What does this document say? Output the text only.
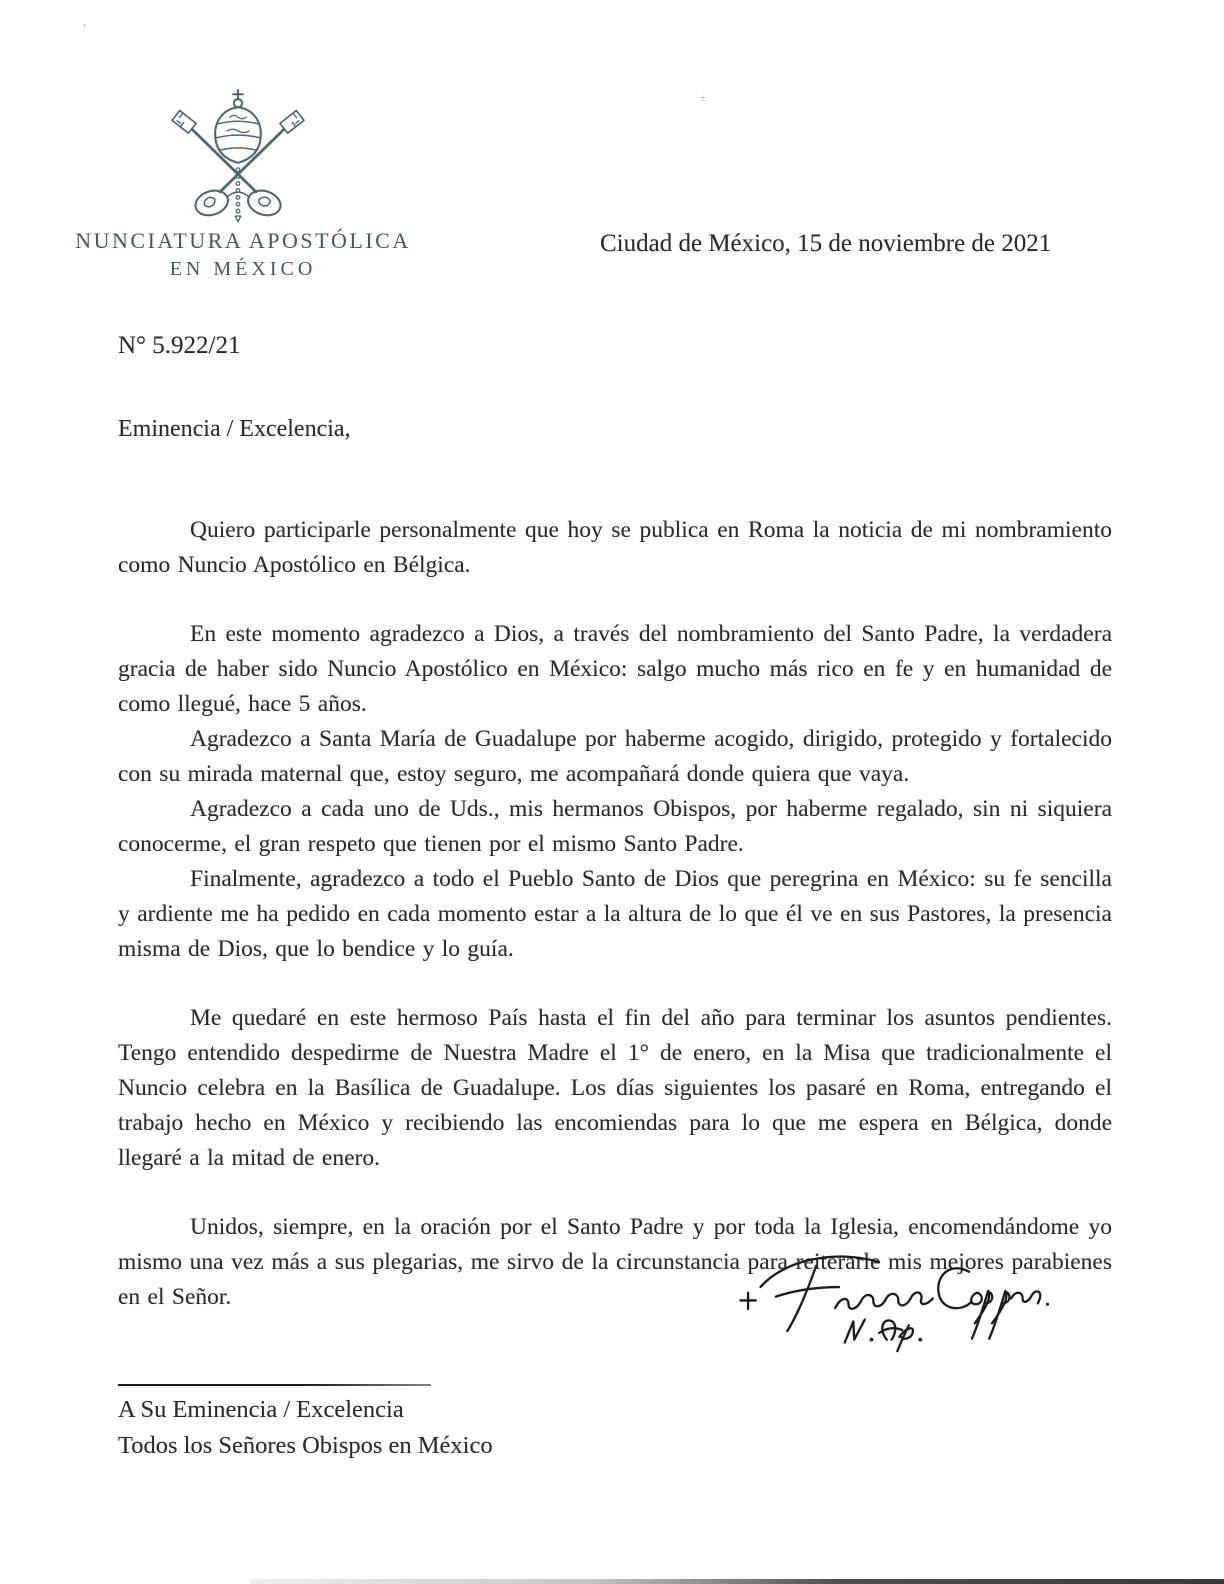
NUNCIATURA APOSTÓLICA
EN MÉXICO
Ciudad de México, 15 de noviembre de 2021
N° 5.922/21
Eminencia / Excelencia,

Quiero participarle personalmente que hoy se publica en Roma la noticia de mi nombramiento como Nuncio Apostólico en Bélgica.

En este momento agradezco a Dios, a través del nombramiento del Santo Padre, la verdadera gracia de haber sido Nuncio Apostólico en México: salgo mucho más rico en fe y en humanidad de como llegué, hace 5 años.

Agradezco a Santa María de Guadalupe por haberme acogido, dirigido, protegido y fortalecido con su mirada maternal que, estoy seguro, me acompañará donde quiera que vaya.

Agradezco a cada uno de Uds., mis hermanos Obispos, por haberme regalado, sin ni siquiera conocerme, el gran respeto que tienen por el mismo Santo Padre.

Finalmente, agradezco a todo el Pueblo Santo de Dios que peregrina en México: su fe sencilla y ardiente me ha pedido en cada momento estar a la altura de lo que él ve en sus Pastores, la presencia misma de Dios, que lo bendice y lo guía.

Me quedaré en este hermoso País hasta el fin del año para terminar los asuntos pendientes. Tengo entendido despedirme de Nuestra Madre el 1° de enero, en la Misa que tradicionalmente el Nuncio celebra en la Basílica de Guadalupe. Los días siguientes los pasaré en Roma, entregando el trabajo hecho en México y recibiendo las encomiendas para lo que me espera en Bélgica, donde llegaré a la mitad de enero.

Unidos, siempre, en la oración por el Santo Padre y por toda la Iglesia, encomendándome yo mismo una vez más a sus plegarias, me sirvo de la circunstancia para reiterarle mis mejores parabienes en el Señor.

A Su Eminencia / Excelencia
Todos los Señores Obispos en México
’
±
